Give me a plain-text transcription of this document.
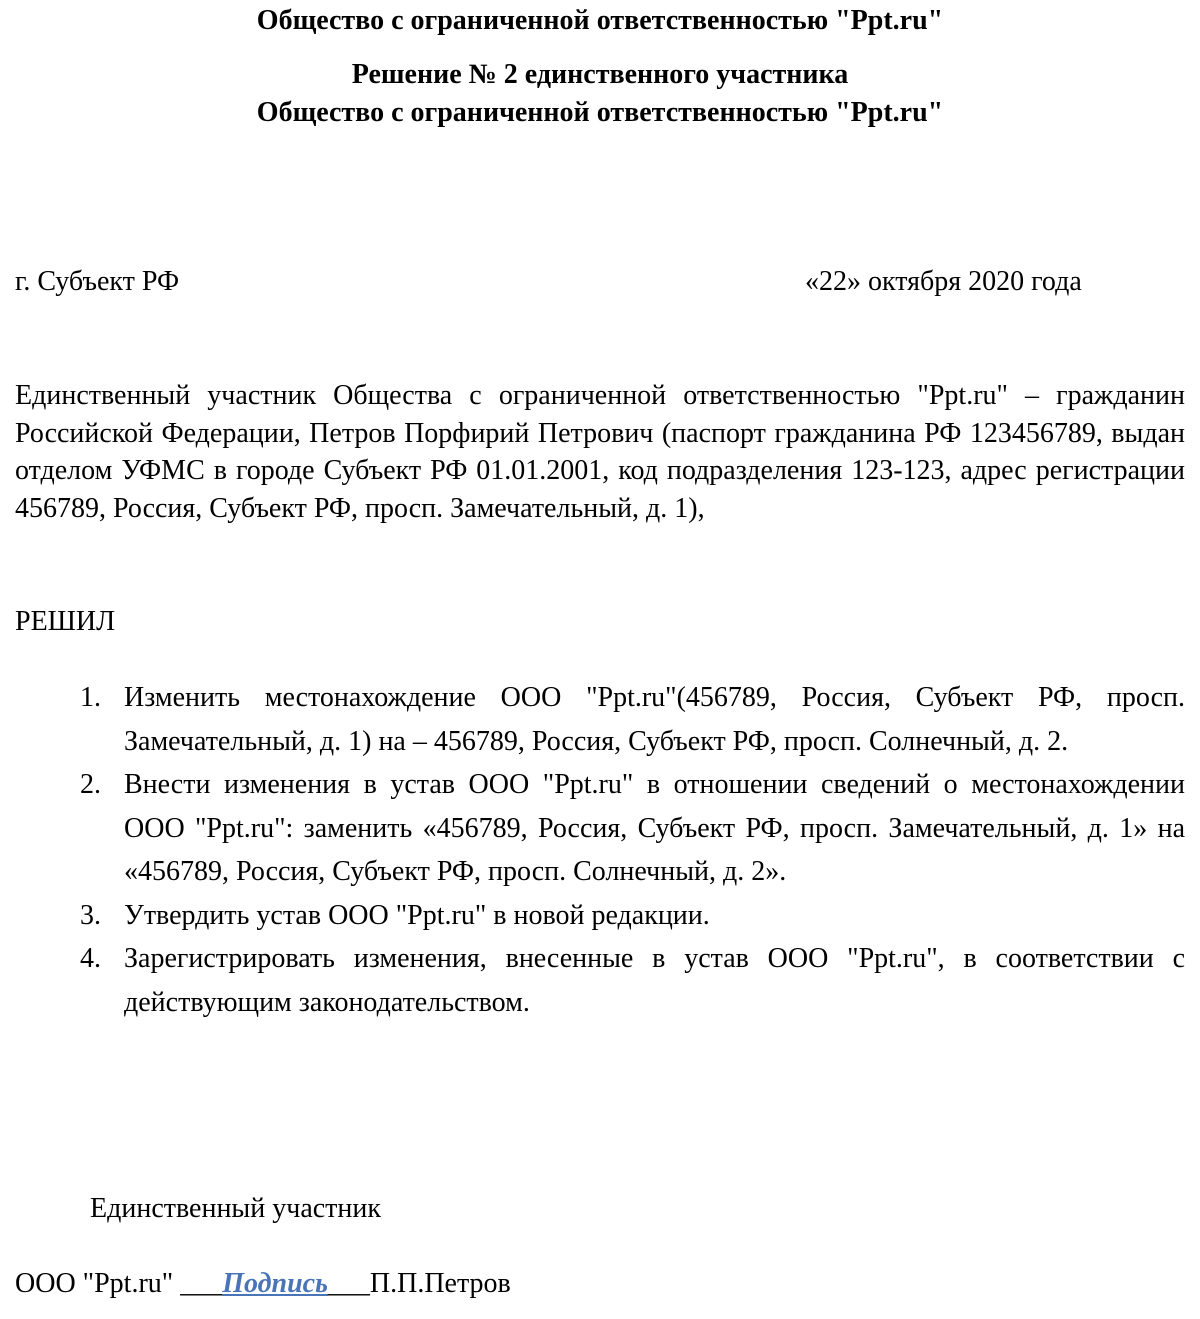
Общество с ограниченной ответственностью "Ppt.ru"

Решение № 2 единственного участника

Общество с ограниченной ответственностью "Ppt.ru"

г. Субъект РФ	«22» октября 2020 года

Единственный участник Общества с ограниченной ответственностью "Ppt.ru" – гражданин Российской Федерации, Петров Порфирий Петрович (паспорт гражданина РФ 123456789, выдан отделом УФМС в городе Субъект РФ 01.01.2001, код подразделения 123-123, адрес регистрации 456789, Россия, Субъект РФ, просп. Замечательный, д. 1),

РЕШИЛ

1. Изменить местонахождение ООО "Ppt.ru"(456789, Россия, Субъект РФ, просп. Замечательный, д. 1) на – 456789, Россия, Субъект РФ, просп. Солнечный, д. 2.
2. Внести изменения в устав ООО "Ppt.ru" в отношении сведений о местонахождении ООО "Ppt.ru": заменить «456789, Россия, Субъект РФ, просп. Замечательный, д. 1» на «456789, Россия, Субъект РФ, просп. Солнечный, д. 2».
3. Утвердить устав ООО "Ppt.ru" в новой редакции.
4. Зарегистрировать изменения, внесенные в устав ООО "Ppt.ru", в соответствии с действующим законодательством.

Единственный участник

ООО "Ppt.ru" ___Подпись___П.П.Петров
